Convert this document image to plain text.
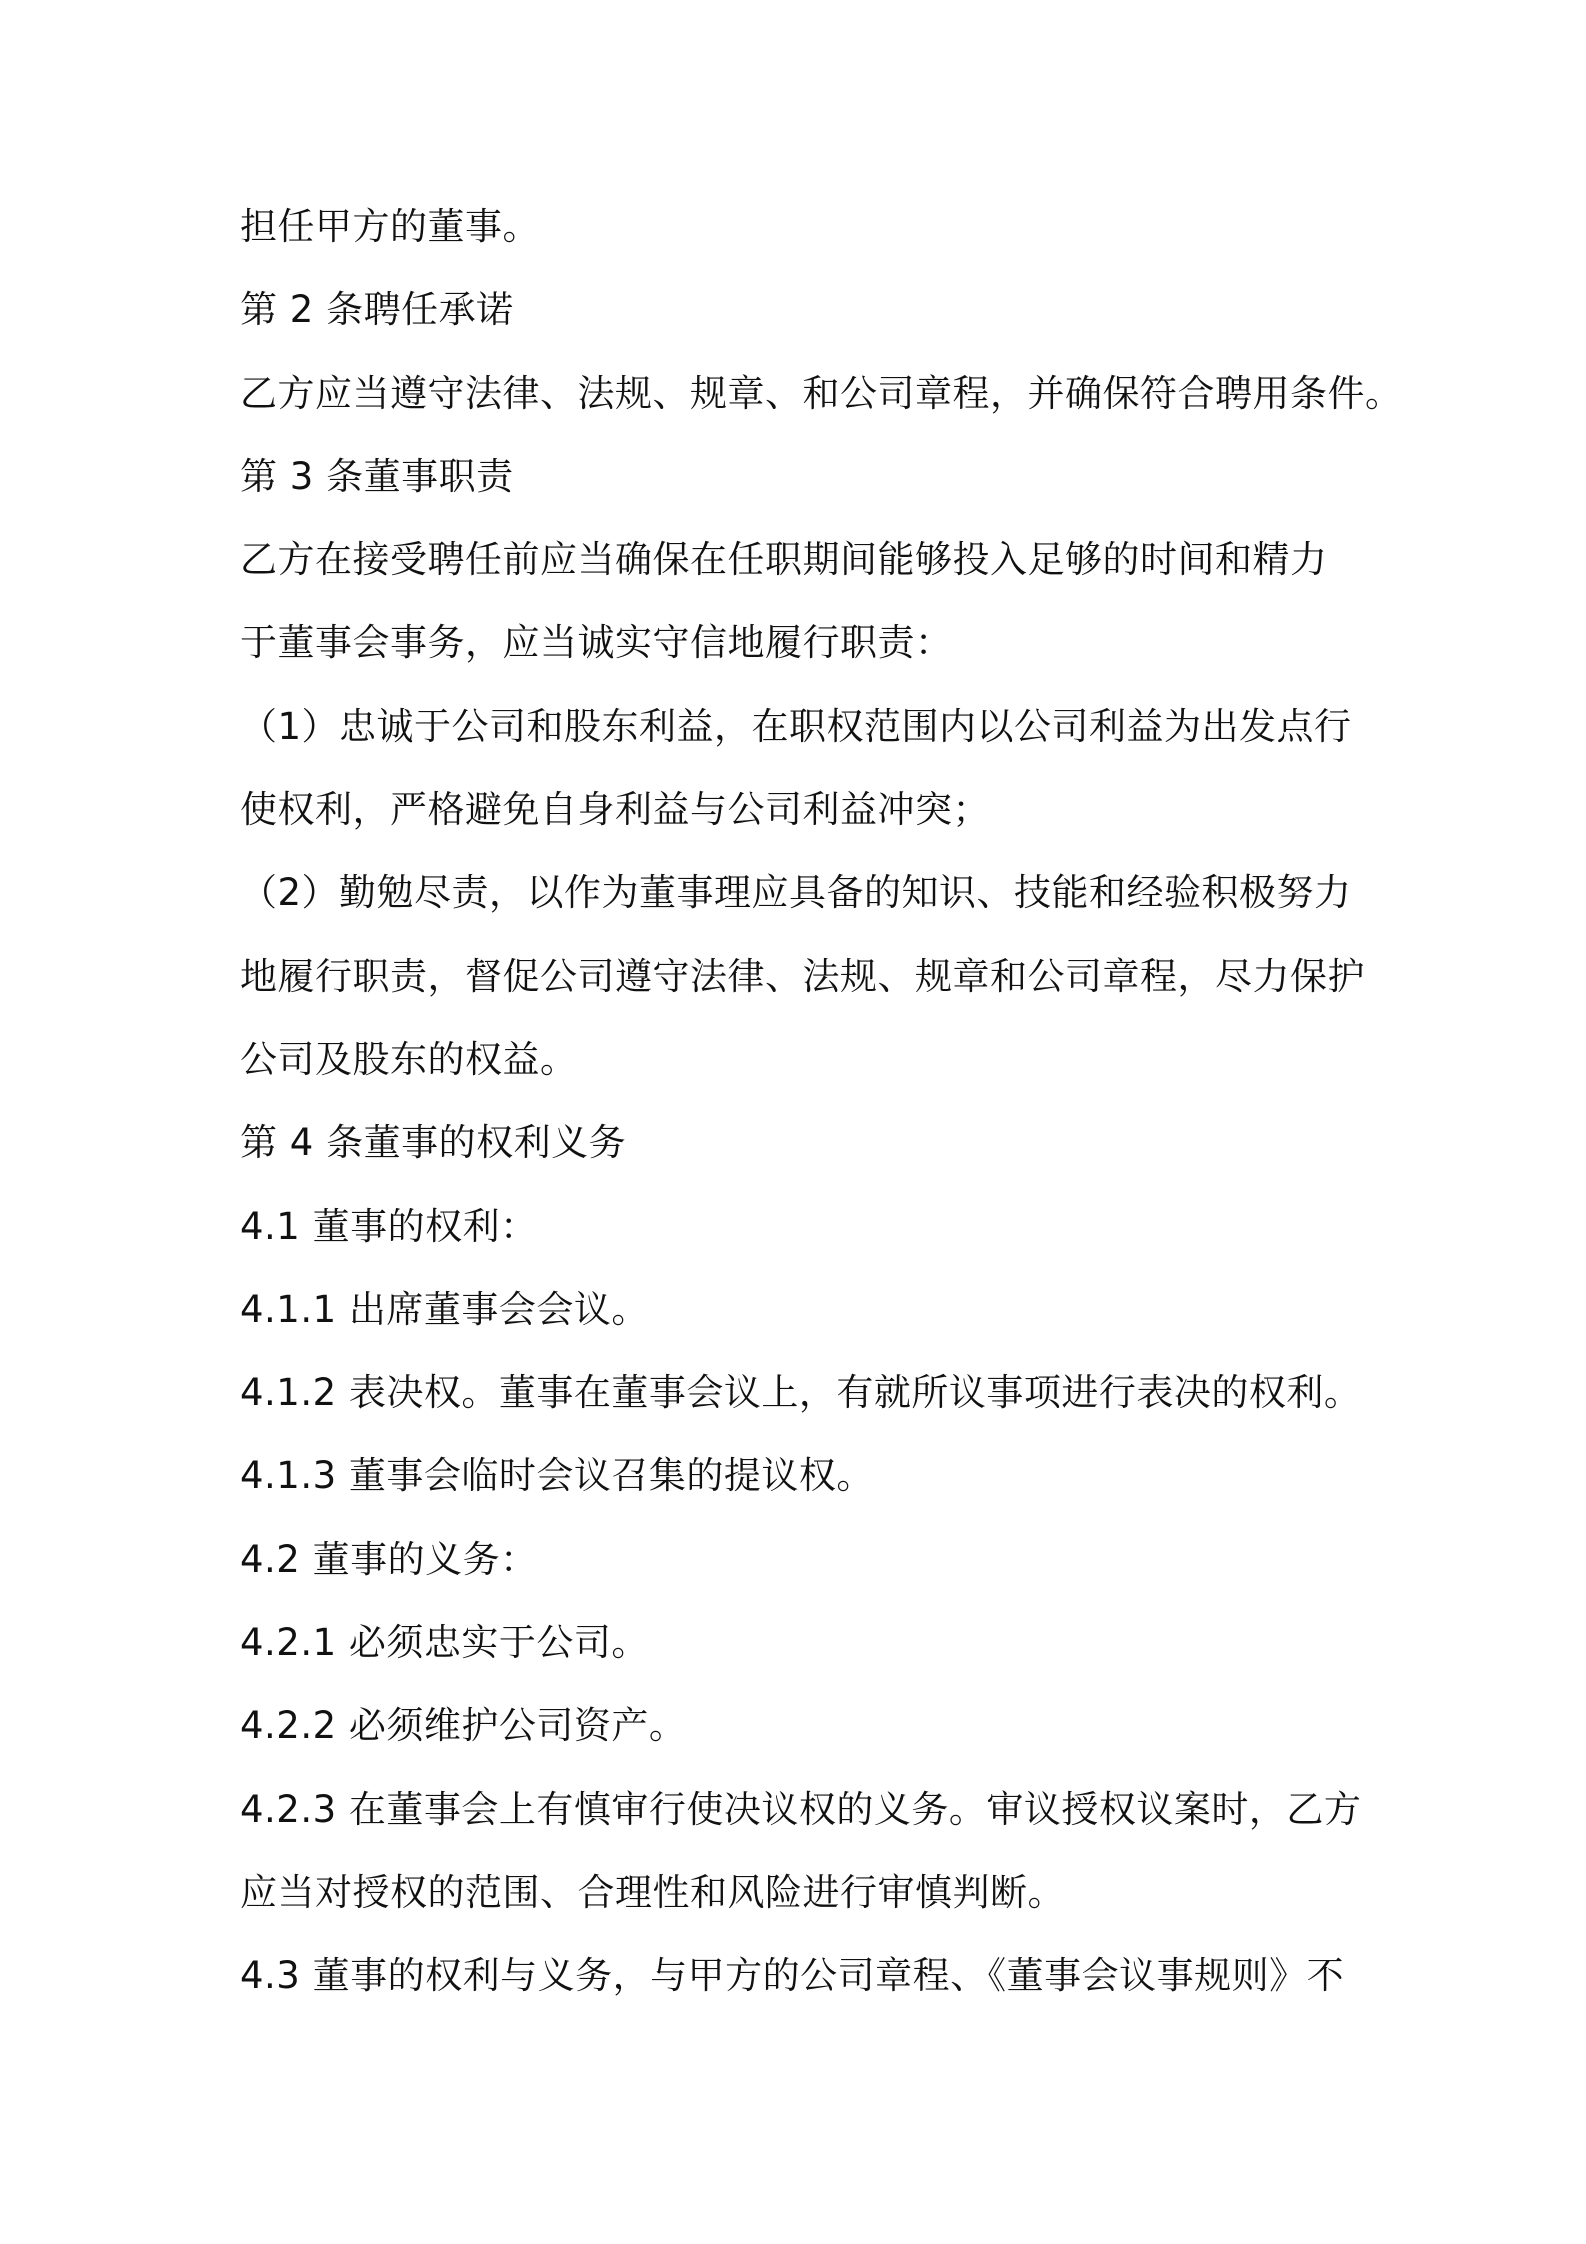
担任甲方的董事。
第 2 条聘任承诺
乙方应当遵守法律、法规、规章、和公司章程，并确保符合聘用条件。
第 3 条董事职责
乙方在接受聘任前应当确保在任职期间能够投入足够的时间和精力
于董事会事务，应当诚实守信地履行职责：
（1）忠诚于公司和股东利益，在职权范围内以公司利益为出发点行
使权利，严格避免自身利益与公司利益冲突；
（2）勤勉尽责，以作为董事理应具备的知识、技能和经验积极努力
地履行职责，督促公司遵守法律、法规、规章和公司章程，尽力保护
公司及股东的权益。
第 4 条董事的权利义务
4.1 董事的权利：
4.1.1 出席董事会会议。
4.1.2 表决权。董事在董事会议上，有就所议事项进行表决的权利。
4.1.3 董事会临时会议召集的提议权。
4.2 董事的义务：
4.2.1 必须忠实于公司。
4.2.2 必须维护公司资产。
4.2.3 在董事会上有慎审行使决议权的义务。审议授权议案时，乙方
应当对授权的范围、合理性和风险进行审慎判断。
4.3 董事的权利与义务，与甲方的公司章程、《董事会议事规则》不
